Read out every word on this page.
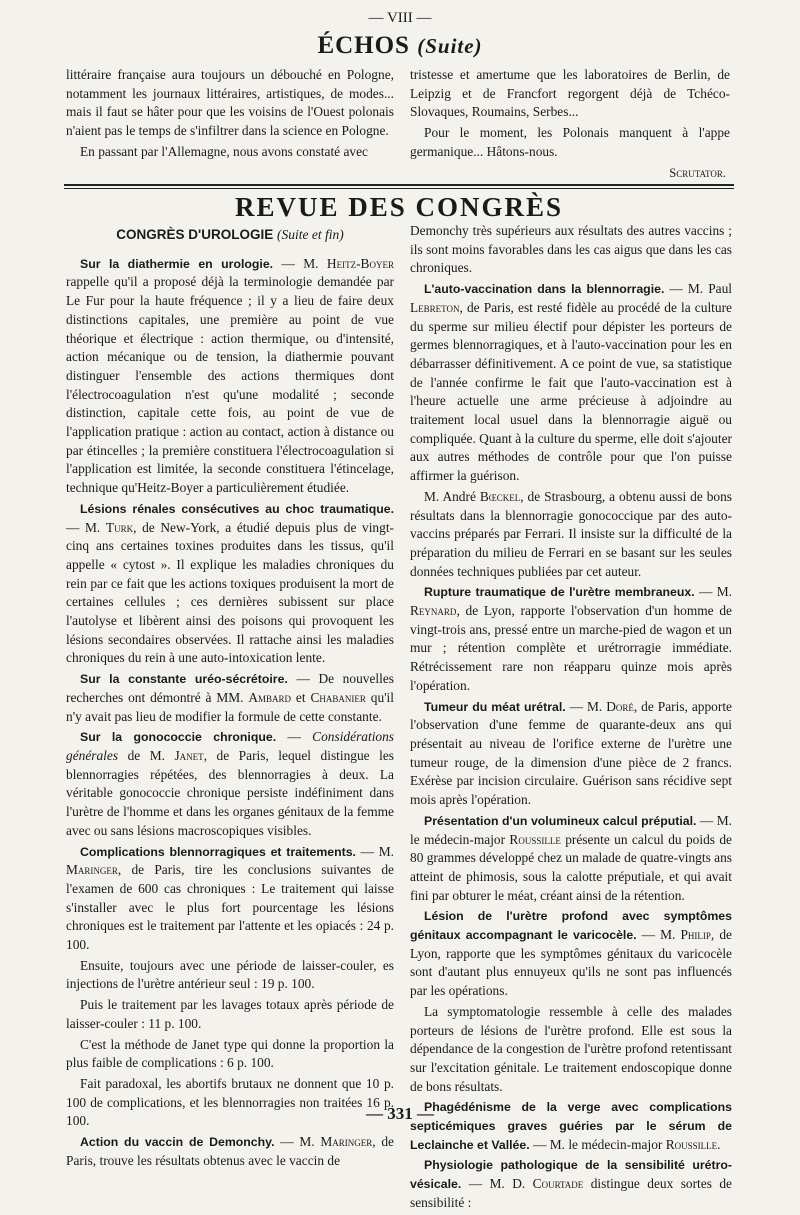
— VIII —
ÉCHOS (Suite)

littéraire française aura toujours un débouché en Pologne, notamment les journaux littéraires, artistiques, de modes... mais il faut se hâter pour que les voisins de l'Ouest polonais n'aient pas le temps de s'infiltrer dans la science en Pologne.

En passant par l'Allemagne, nous avons constaté avec

tristesse et amertume que les laboratoires de Berlin, de Leipzig et de Francfort regorgent déjà de Tchéco-Slovaques, Roumains, Serbes...

Pour le moment, les Polonais manquent à l'appe germanique... Hâtons-nous.

Scrutator.
REVUE DES CONGRÈS
CONGRÈS D'UROLOGIE (Suite et fin)

Sur la diathermie en urologie. — M. Heitz-Boyer rappelle qu'il a proposé déjà la terminologie demandée par Le Fur pour la haute fréquence ; il y a lieu de faire deux distinctions capitales, une première au point de vue théorique et électrique : action thermique, ou d'intensité, action mécanique ou de tension, la diathermie pouvant distinguer l'ensemble des actions thermiques dont l'électrocoagulation n'est qu'une modalité ; seconde distinction, capitale cette fois, au point de vue de l'application pratique : action au contact, action à distance ou par étincelles ; la première constituera l'électrocoagulation si l'application est limitée, la seconde constituera l'étincelage, technique qu'Heitz-Boyer a particulièrement étudiée.

Lésions rénales consécutives au choc traumatique. — M. Turk, de New-York, a étudié depuis plus de vingt-cinq ans certaines toxines produites dans les tissus, qu'il appelle « cytost ». Il explique les maladies chroniques du rein par ce fait que les actions toxiques produisent la mort de certaines cellules ; ces dernières subissent sur place l'autolyse et libèrent ainsi des poisons qui provoquent les lésions secondaires observées. Il rattache ainsi les maladies chroniques du rein à une auto-intoxication lente.

Sur la constante uréo-sécrétoire. — De nouvelles recherches ont démontré à MM. Ambard et Chabanier qu'il n'y avait pas lieu de modifier la formule de cette constante.

Sur la gonococcie chronique. — Considérations générales de M. Janet, de Paris, lequel distingue les blennorragies répétées, des blennorragies à deux. La véritable gonococcie chronique persiste indéfiniment dans l'urètre de l'homme et dans les organes génitaux de la femme avec ou sans lésions macroscopiques visibles.

Complications blennorragiques et traitements. — M. Maringer, de Paris, tire les conclusions suivantes de l'examen de 600 cas chroniques : Le traitement qui laisse s'installer avec le plus fort pourcentage les lésions chroniques est le traitement par l'attente et les opiacés : 24 p. 100.

Ensuite, toujours avec une période de laisser-couler, es injections de l'urètre antérieur seul : 19 p. 100.

Puis le traitement par les lavages totaux après période de laisser-couler : 11 p. 100.

C'est la méthode de Janet type qui donne la proportion la plus faible de complications : 6 p. 100.

Fait paradoxal, les abortifs brutaux ne donnent que 10 p. 100 de complications, et les blennorragies non traitées 16 p. 100.

Action du vaccin de Demonchy. — M. Maringer, de Paris, trouve les résultats obtenus avec le vaccin de

Demonchy très supérieurs aux résultats des autres vaccins ; ils sont moins favorables dans les cas aigus que dans les cas chroniques.

L'auto-vaccination dans la blennorragie. — M. Paul Lebreton, de Paris, est resté fidèle au procédé de la culture du sperme sur milieu électif pour dépister les porteurs de germes blennorragiques, et à l'auto-vaccination pour les en débarrasser définitivement. A ce point de vue, sa statistique de l'année confirme le fait que l'auto-vaccination est à l'heure actuelle une arme précieuse à adjoindre au traitement local usuel dans la blennorragie aiguë ou compliquée. Quant à la culture du sperme, elle doit s'ajouter aux autres méthodes de contrôle pour que l'on puisse affirmer la guérison.

M. André Bœckel, de Strasbourg, a obtenu aussi de bons résultats dans la blennorragie gonococcique par des auto-vaccins préparés par Ferrari. Il insiste sur la difficulté de la préparation du milieu de Ferrari en se basant sur les seules données techniques publiées par cet auteur.

Rupture traumatique de l'urètre membraneux. — M. Reynard, de Lyon, rapporte l'observation d'un homme de vingt-trois ans, pressé entre un marche-pied de wagon et un mur ; rétention complète et urétrorragie immédiate. Rétrécissement rare non réapparu quinze mois après l'opération.

Tumeur du méat urétral. — M. Doré, de Paris, apporte l'observation d'une femme de quarante-deux ans qui présentait au niveau de l'orifice externe de l'urètre une tumeur rouge, de la dimension d'une pièce de 2 francs. Exérèse par incision circulaire. Guérison sans récidive sept mois après l'opération.

Présentation d'un volumineux calcul préputial. — M. le médecin-major Roussille présente un calcul du poids de 80 grammes développé chez un malade de quatre-vingts ans atteint de phimosis, sous la calotte préputiale, et qui avait fini par obturer le méat, créant ainsi de la rétention.

Lésion de l'urètre profond avec symptômes génitaux accompagnant le varicocèle. — M. Philip, de Lyon, rapporte que les symptômes génitaux du varicocèle sont d'autant plus ennuyeux qu'ils ne sont pas influencés par les opérations.

La symptomatologie ressemble à celle des malades porteurs de lésions de l'urètre profond. Elle est sous la dépendance de la congestion de l'urètre profond retentissant sur l'excitation génitale. Le traitement endoscopique donne de bons résultats.

Phagédénisme de la verge avec complications septicémiques graves guéries par le sérum de Leclainche et Vallée. — M. le médecin-major Roussille.

Physiologie pathologique de la sensibilité urétro-vésicale. — M. D. Courtade distingue deux sortes de sensibilité :

— 331 —
